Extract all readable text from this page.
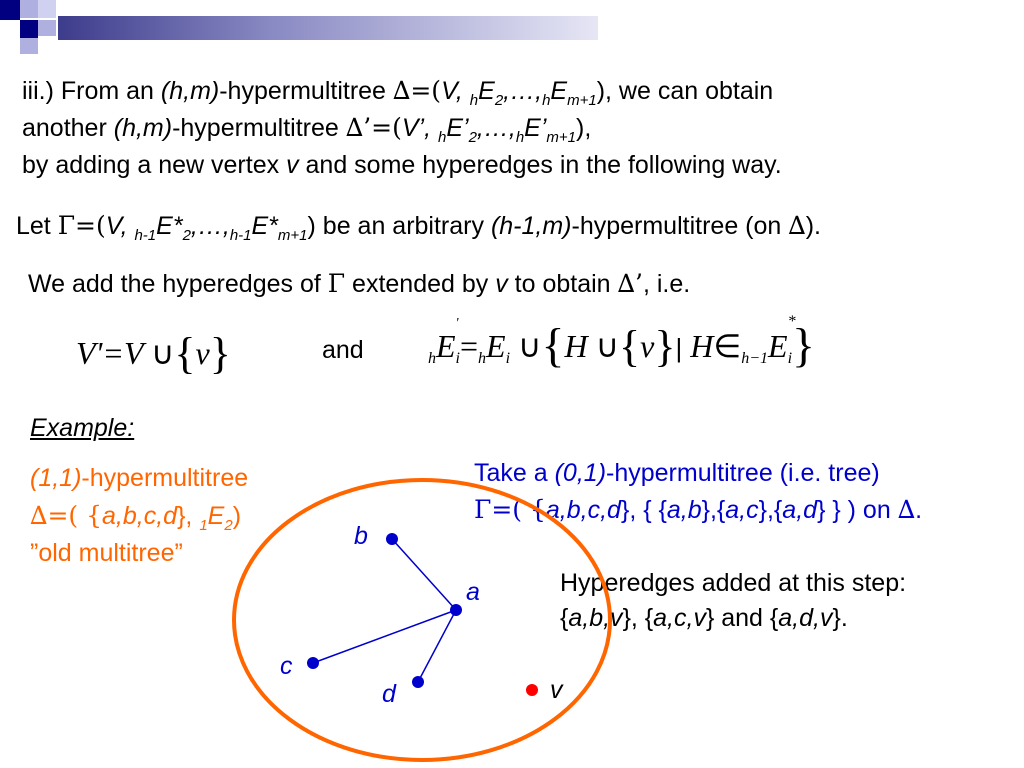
iii.) From an (h,m)-hypermultitree ∆=(V, $_hE_2,\dots,_hE_{m+1}$), we can obtain
another (h,m)-hypermultitree ∆’=(V’, $_hE’_2,\dots,_hE’_{m+1}$),
by adding a new vertex v and some hyperedges in the following way.
Let Γ=(V, $_{h-1}E*_2,\dots,_{h-1}E*_{m+1}$) be an arbitrary (h-1,m)-hypermultitree (on ∆).
We add the hyperedges of Γ extended by v to obtain ∆’, i.e.
V'=V ∪{v}	and	$_hE_i$
'
$=_hE_i$ ∪{H ∪{v}| $H\in_{h-1}E_i$
*
}
Example:
(1,1)-hypermultitree
∆=( {a,b,c,d}, $_1E_2$)
”old multitree”
Take a (0,1)-hypermultitree (i.e. tree)
Γ=( {a,b,c,d}, { {a,b},{a,c},{a,d} } ) on ∆.
Hyperedges added at this step:
{a,b,v}, {a,c,v} and {a,d,v}.
b
a
c
d	v
